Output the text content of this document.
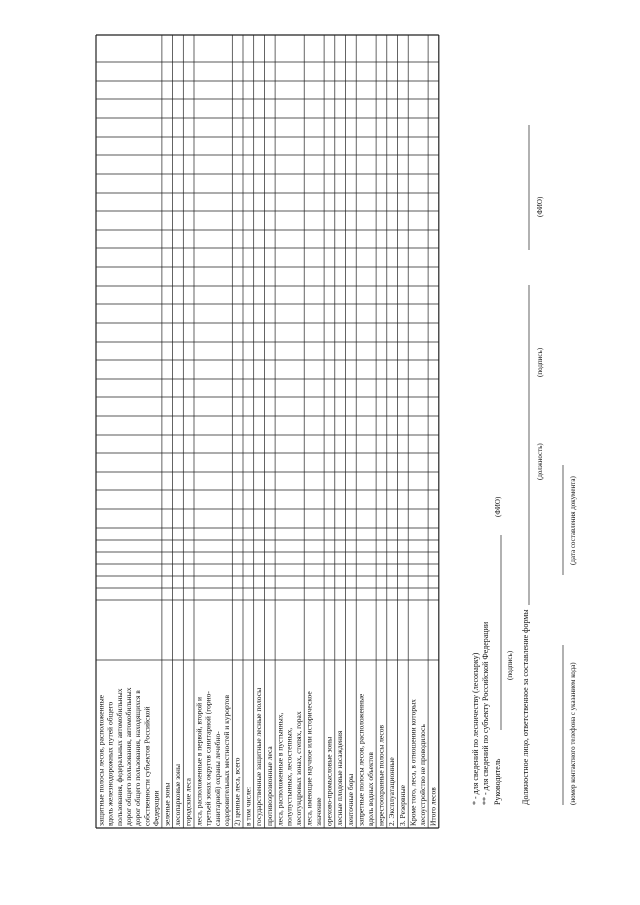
защитные полосы лесов, расположенные вдоль железнодорожных путей общего пользования, федеральных автомобильных дорог общего пользования, автомобильных дорог общего пользования, находящихся в собственности субъектов Российской Федерации зеленые зоны лесопарковые зоны городские леса леса, расположенные в первой, второй и третьей зонах округов санитарной (горно- санитарной) охраны лечебно- оздоровительных местностей и курортов 2) ценные леса, всего в том числе: государственные защитные лесные полосы противоэрозионные леса леса, расположенные в пустынных, полупустынных, лесостепных, лесотундровых зонах, степях, горах леса, имеющие научное или историческое значение орехово-промысловые зоны лесные плодовые насаждения ленточные боры запретные полосы лесов, расположенные вдоль водных объектов нерестоохранные полосы лесов 2. Эксплуатационные 3. Резервные Кроме того, леса, в отношении которых лесоустройство не проводилось Итого лесов
* - для сведений по лесничеству (лесопарку) ** - для сведений по субъекту Российской Федерации Руководитель
(подпись)
(ФИО)
Должностное лицо, ответственное за составление формы
(должность)
(подпись)
(ФИО)
(номер контактного телефона с указанием кода)
(дата составления документа)
